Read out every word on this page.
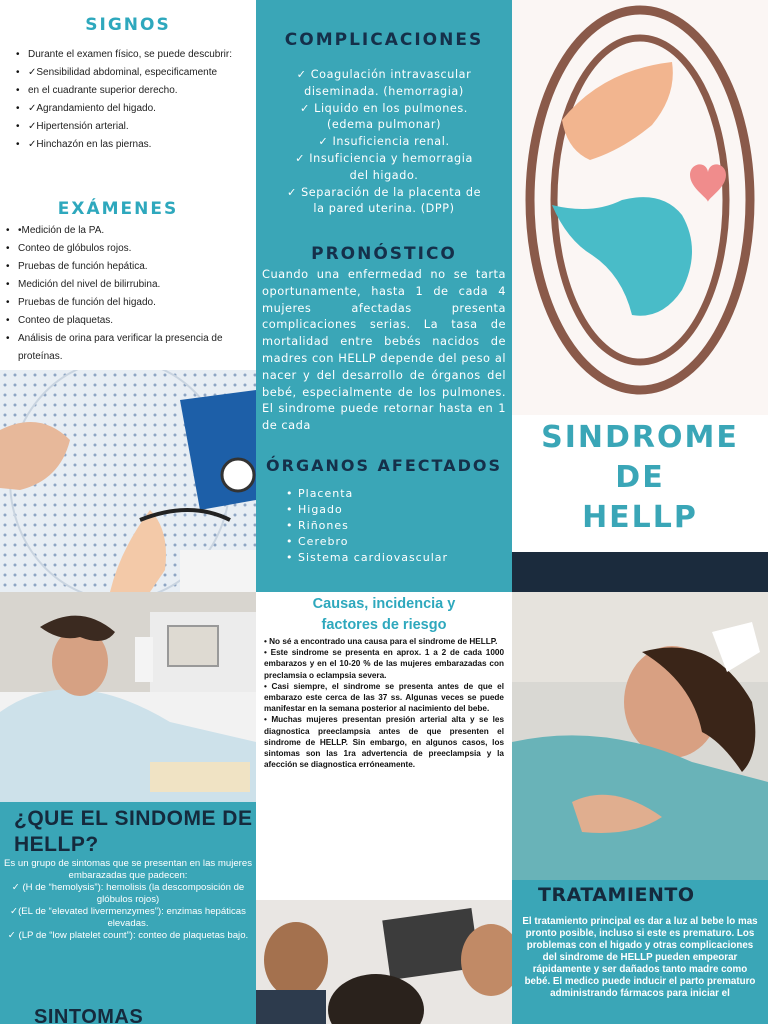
SIGNOS
• Durante el examen físico, se puede descubrir:
• ✓Sensibilidad abdominal, especificamente
• en el cuadrante superior derecho.
• ✓Agrandamiento del higado.
• ✓Hipertensión arterial.
• ✓Hinchazón en las piernas.
EXÁMENES
• •Medición de la PA.
• Conteo de glóbulos rojos.
• Pruebas de función hepática.
• Medición del nivel de bilirrubina.
• Pruebas de función del higado.
• Conteo de plaquetas.
• Análisis de orina para verificar la presencia de proteínas.
COMPLICACIONES
✓ Coagulación intravascular
diseminada. (hemorragia)
✓ Liquido en los pulmones.
(edema pulmonar)
✓ Insuficiencia renal.
✓ Insuficiencia y hemorragia
del higado.
✓ Separación de la placenta de
la pared uterina. (DPP)
PRONÓSTICO
Cuando una enfermedad no se tarta oportunamente, hasta 1 de cada 4 mujeres afectadas presenta complicaciones serias. La tasa de mortalidad entre bebés nacidos de madres con HELLP depende del peso al nacer y del desarrollo de órganos del bebé, especialmente de los pulmones. El sindrome puede retornar hasta en 1 de cada
ÓRGANOS AFECTADOS
• Placenta
• Higado
• Riñones
• Cerebro
• Sistema cardiovascular
SINDROME DE
HELLP
¿QUE EL SINDOME DE
HELLP?
Es un grupo de sintomas que se presentan en las mujeres
embarazadas que padecen:
✓ (H de “hemolysis”): hemolisis (la descomposición de
glóbulos rojos)
✓(EL de “elevated livermenzymes”): enzimas hepáticas
elevadas.
✓ (LP de “low platelet count”): conteo de plaquetas bajo.
SINTOMAS
Causas, incidencia y
factores de riesgo
• No sé a encontrado una causa para el sindrome de HELLP.
• Este sindrome se presenta en aprox. 1 a 2 de cada 1000 embarazos y en el 10-20 % de las mujeres embarazadas con preclamsia o eclampsia severa.
• Casi siempre, el sindrome se presenta antes de que el embarazo este cerca de las 37 ss. Algunas veces se puede manifestar en la semana posterior al nacimiento del bebe.
• Muchas mujeres presentan presión arterial alta y se les diagnostica preeclampsia antes de que presenten el sindrome de HELLP. Sin embargo, en algunos casos, los sintomas son las 1ra advertencia de preeclampsia y la afección se diagnostica erróneamente.
TRATAMIENTO
El tratamiento principal es dar a luz al bebe lo mas pronto posible, incluso si este es prematuro. Los problemas con el higado y otras complicaciones del sindrome de HELLP pueden empeorar rápidamente y ser dañados tanto madre como bebé. El medico puede inducir el parto prematuro administrando fármacos para iniciar el
